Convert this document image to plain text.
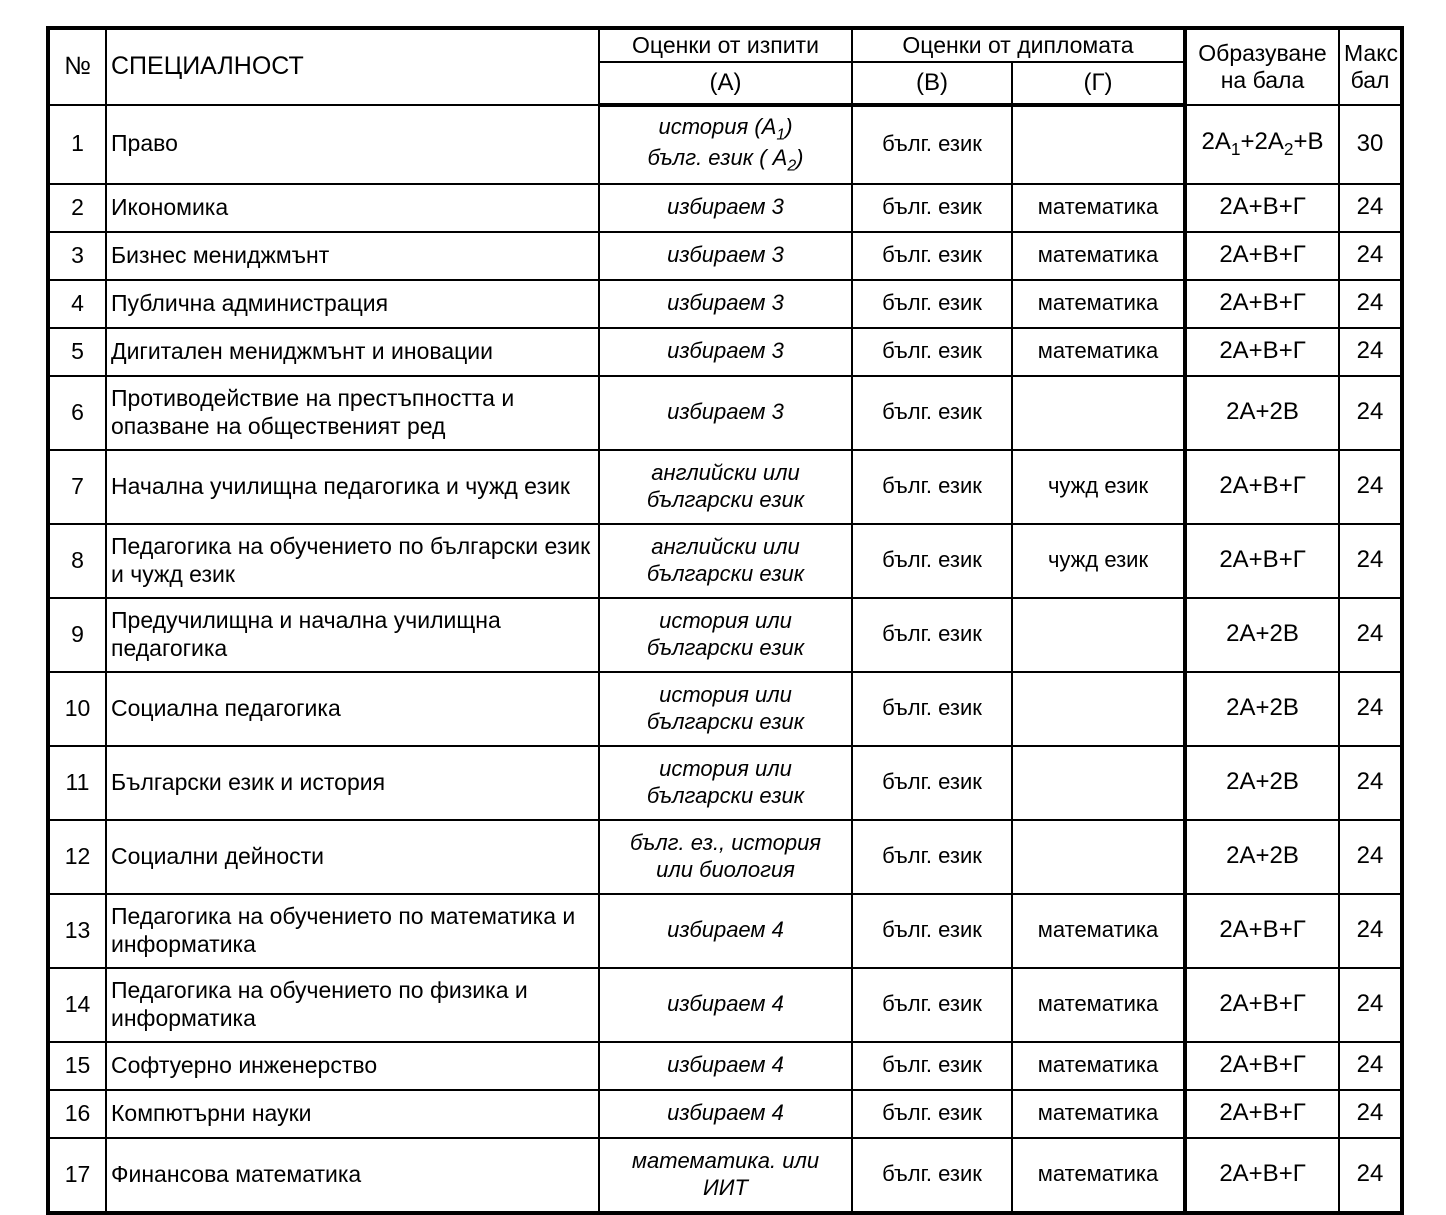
№	СПЕЦИАЛНОСТ	Оценки от изпити	Оценки от дипломата		Образуване
на бала	Макс
бал
		(А)	(В)	(Г)		
1	Право	история $(А_1)$
бълг. език ( $А_2$)	бълг. език		$2А_1+2А_2+В$	30
2	Икономика	избираем 3	бълг. език	математика	2А+В+Г	24
3	Бизнес мениджмънт	избираем 3	бълг. език	математика	2А+В+Г	24
4	Публична администрация	избираем 3	бълг. език	математика	2А+В+Г	24
5	Дигитален мениджмънт и иновации	избираем 3	бълг. език	математика	2А+В+Г	24
6	Противодействие на престъпността и опазване на общественият ред	избираем 3	бълг. език		2А+2В	24
7	Начална училищна педагогика и чужд език	английски или
български език	бълг. език	чужд език	2А+В+Г	24
8	Педагогика на обучението по български език и чужд език	английски или
български език	бълг. език	чужд език	2А+В+Г	24
9	Предучилищна и начална училищна педагогика	история или
български език	бълг. език		2А+2В	24
10	Социална педагогика	история или
български език	бълг. език		2А+2В	24
11	Български език и история	история или
български език	бълг. език		2А+2В	24
12	Социални дейности	бълг. ез., история
или биология	бълг. език		2А+2В	24
13	Педагогика на обучението по математика и информатика	избираем 4	бълг. език	математика	2А+В+Г	24
14	Педагогика на обучението по физика и информатика	избираем 4	бълг. език	математика	2А+В+Г	24
15	Софтуерно инженерство	избираем 4	бълг. език	математика	2А+В+Г	24
16	Компютърни науки	избираем 4	бълг. език	математика	2А+В+Г	24
17	Финансова математика	математика. или
ИИТ	бълг. език	математика	2А+В+Г	24
